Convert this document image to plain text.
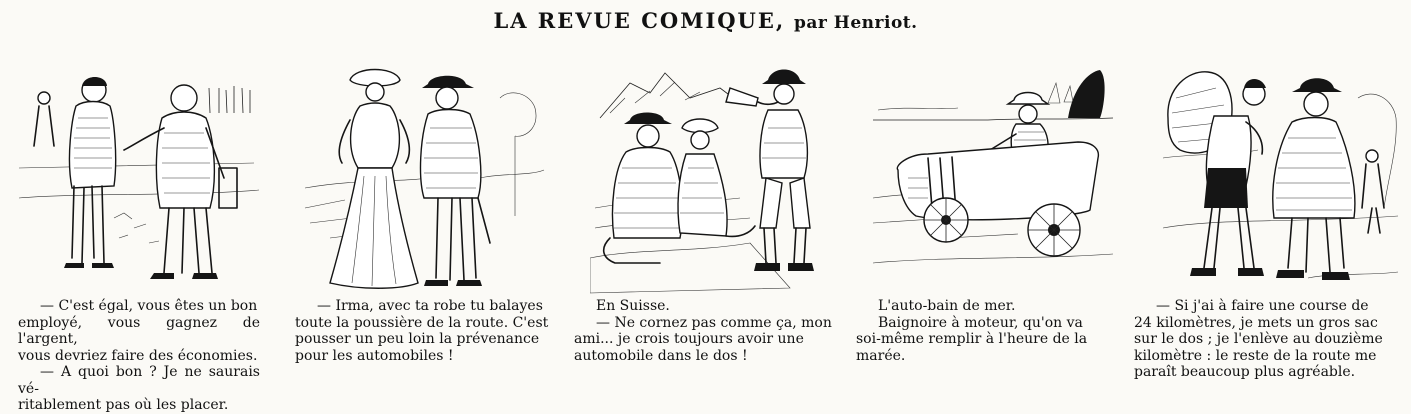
LA REVUE COMIQUE, par Henriot.
— C'est égal, vous êtes un bon
employé, vous gagnez de l'argent,
vous devriez faire des économies.
— A quoi bon ? Je ne saurais vé-
ritablement pas où les placer.
— Irma, avec ta robe tu balayes
toute la poussière de la route. C'est
pousser un peu loin la prévenance
pour les automobiles !
En Suisse.
— Ne cornez pas comme ça, mon
ami... je crois toujours avoir une
automobile dans le dos !
L'auto-bain de mer.
Baignoire à moteur, qu'on va
soi-même remplir à l'heure de la
marée.
— Si j'ai à faire une course de
24 kilomètres, je mets un gros sac
sur le dos ; je l'enlève au douzième
kilomètre : le reste de la route me
paraît beaucoup plus agréable.
